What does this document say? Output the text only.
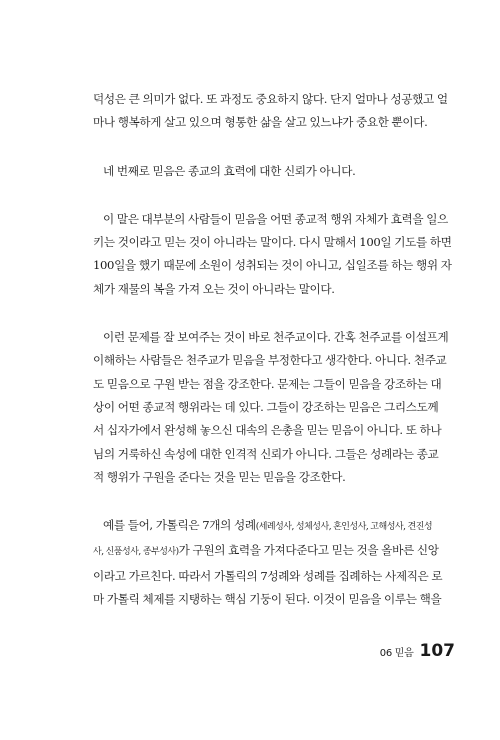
덕성은 큰 의미가 없다. 또 과정도 중요하지 않다. 단지 얼마나 성공했고 얼
마나 행복하게 살고 있으며 형통한 삶을 살고 있느냐가 중요한 뿐이다.

네 번째로 믿음은 종교의 효력에 대한 신뢰가 아니다.

이 말은 대부분의 사람들이 믿음을 어떤 종교적 행위 자체가 효력을 일으
키는 것이라고 믿는 것이 아니라는 말이다. 다시 말해서 100일 기도를 하면
100일을 했기 때문에 소원이 성취되는 것이 아니고, 십일조를 하는 행위 자
체가 재물의 복을 가져 오는 것이 아니라는 말이다.

이런 문제를 잘 보여주는 것이 바로 천주교이다. 간혹 천주교를 이설프게
이해하는 사람들은 천주교가 믿음을 부정한다고 생각한다. 아니다. 천주교
도 믿음으로 구원 받는 점을 강조한다. 문제는 그들이 믿음을 강조하는 대
상이 어떤 종교적 행위라는 데 있다. 그들이 강조하는 믿음은 그리스도께
서 십자가에서 완성해 놓으신 대속의 은총을 믿는 믿음이 아니다. 또 하나
님의 거룩하신 속성에 대한 인격적 신뢰가 아니다. 그들은 성례라는 종교
적 행위가 구원을 준다는 것을 믿는 믿음을 강조한다.

예를 들어, 가톨릭은 7개의 성례(세례성사, 성체성사, 혼인성사, 고해성사, 견진성
사, 신품성사, 종부성사)가 구원의 효력을 가져다준다고 믿는 것을 올바른 신앙
이라고 가르친다. 따라서 가톨릭의 7성례와 성례를 집례하는 사제직은 로
마 가톨릭 체제를 지탱하는 핵심 기둥이 된다. 이것이 믿음을 이루는 핵을

06 믿음 107
